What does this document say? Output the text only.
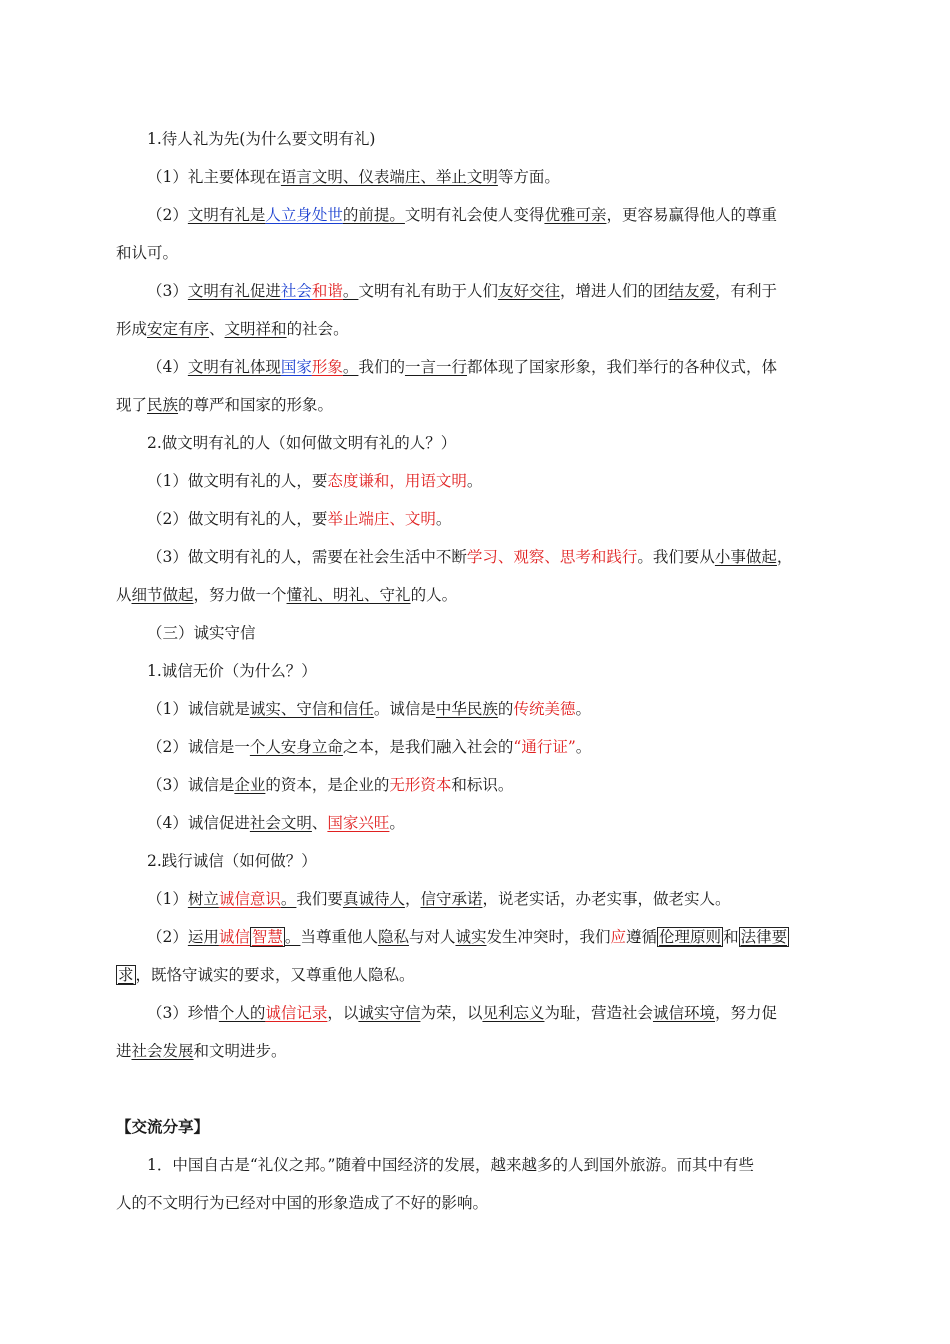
1.待人礼为先(为什么要文明有礼)

（1）礼主要体现在语言文明、仪表端庄、举止文明等方面。

（2）文明有礼是人立身处世的前提。文明有礼会使人变得优雅可亲，更容易赢得他人的尊重

和认可。

（3）文明有礼促进社会和谐。文明有礼有助于人们友好交往，增进人们的团结友爱，有利于

形成安定有序、文明祥和的社会。

（4）文明有礼体现国家形象。我们的一言一行都体现了国家形象，我们举行的各种仪式，体

现了民族的尊严和国家的形象。

2.做文明有礼的人（如何做文明有礼的人？）

（1）做文明有礼的人，要态度谦和，用语文明。

（2）做文明有礼的人，要举止端庄、文明。

（3）做文明有礼的人，需要在社会生活中不断学习、观察、思考和践行。我们要从小事做起，

从细节做起，努力做一个懂礼、明礼、守礼的人。

（三）诚实守信

1.诚信无价（为什么？）

（1）诚信就是诚实、守信和信任。诚信是中华民族的传统美德。

（2）诚信是一个人安身立命之本，是我们融入社会的“通行证”。

（3）诚信是企业的资本，是企业的无形资本和标识。

（4）诚信促进社会文明、国家兴旺。

2.践行诚信（如何做？）

（1）树立诚信意识。我们要真诚待人，信守承诺，说老实话，办老实事，做老实人。

（2）运用诚信 智慧 。当尊重他人隐私与对人诚实发生冲突时，我们应遵循 伦理原则 和 法律要

求 ，既恪守诚实的要求，又尊重他人隐私。

（3）珍惜个人的诚信记录，以诚实守信为荣，以见利忘义为耻，营造社会诚信环境，努力促

进社会发展和文明进步。

【交流分享】

1．中国自古是“礼仪之邦。”随着中国经济的发展，越来越多的人到国外旅游。而其中有些

人的不文明行为已经对中国的形象造成了不好的影响。
